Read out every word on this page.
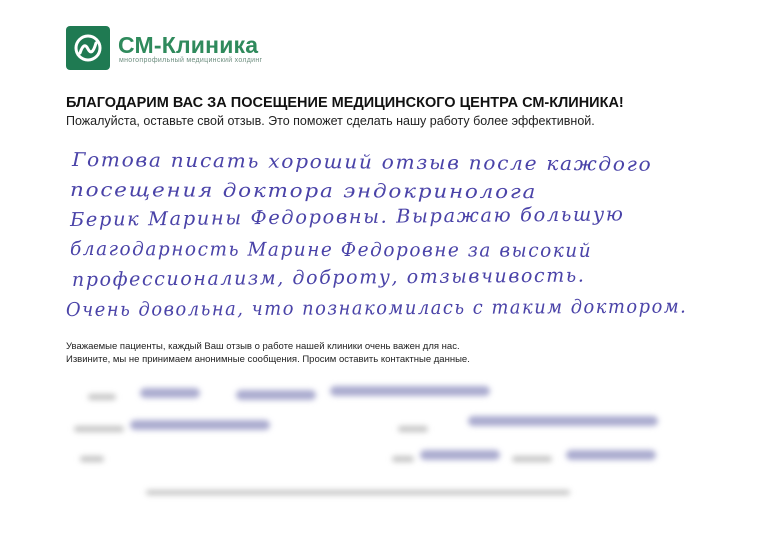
СМ-Клиника
многопрофильный медицинский холдинг
БЛАГОДАРИМ ВАС ЗА ПОСЕЩЕНИЕ МЕДИЦИНСКОГО ЦЕНТРА СМ-КЛИНИКА!
Пожалуйста, оставьте свой отзыв. Это поможет сделать нашу работу более эффективной.
Готова писать хороший отзыв после каждого
посещения доктора эндокринолога
Берик Марины Федоровны. Выражаю большую
благодарность Марине Федоровне за высокий
профессионализм, доброту, отзывчивость.
Очень довольна, что познакомилась с таким доктором.
Уважаемые пациенты, каждый Ваш отзыв о работе нашей клиники очень важен для нас.
Извините, мы не принимаем анонимные сообщения. Просим оставить контактные данные.
